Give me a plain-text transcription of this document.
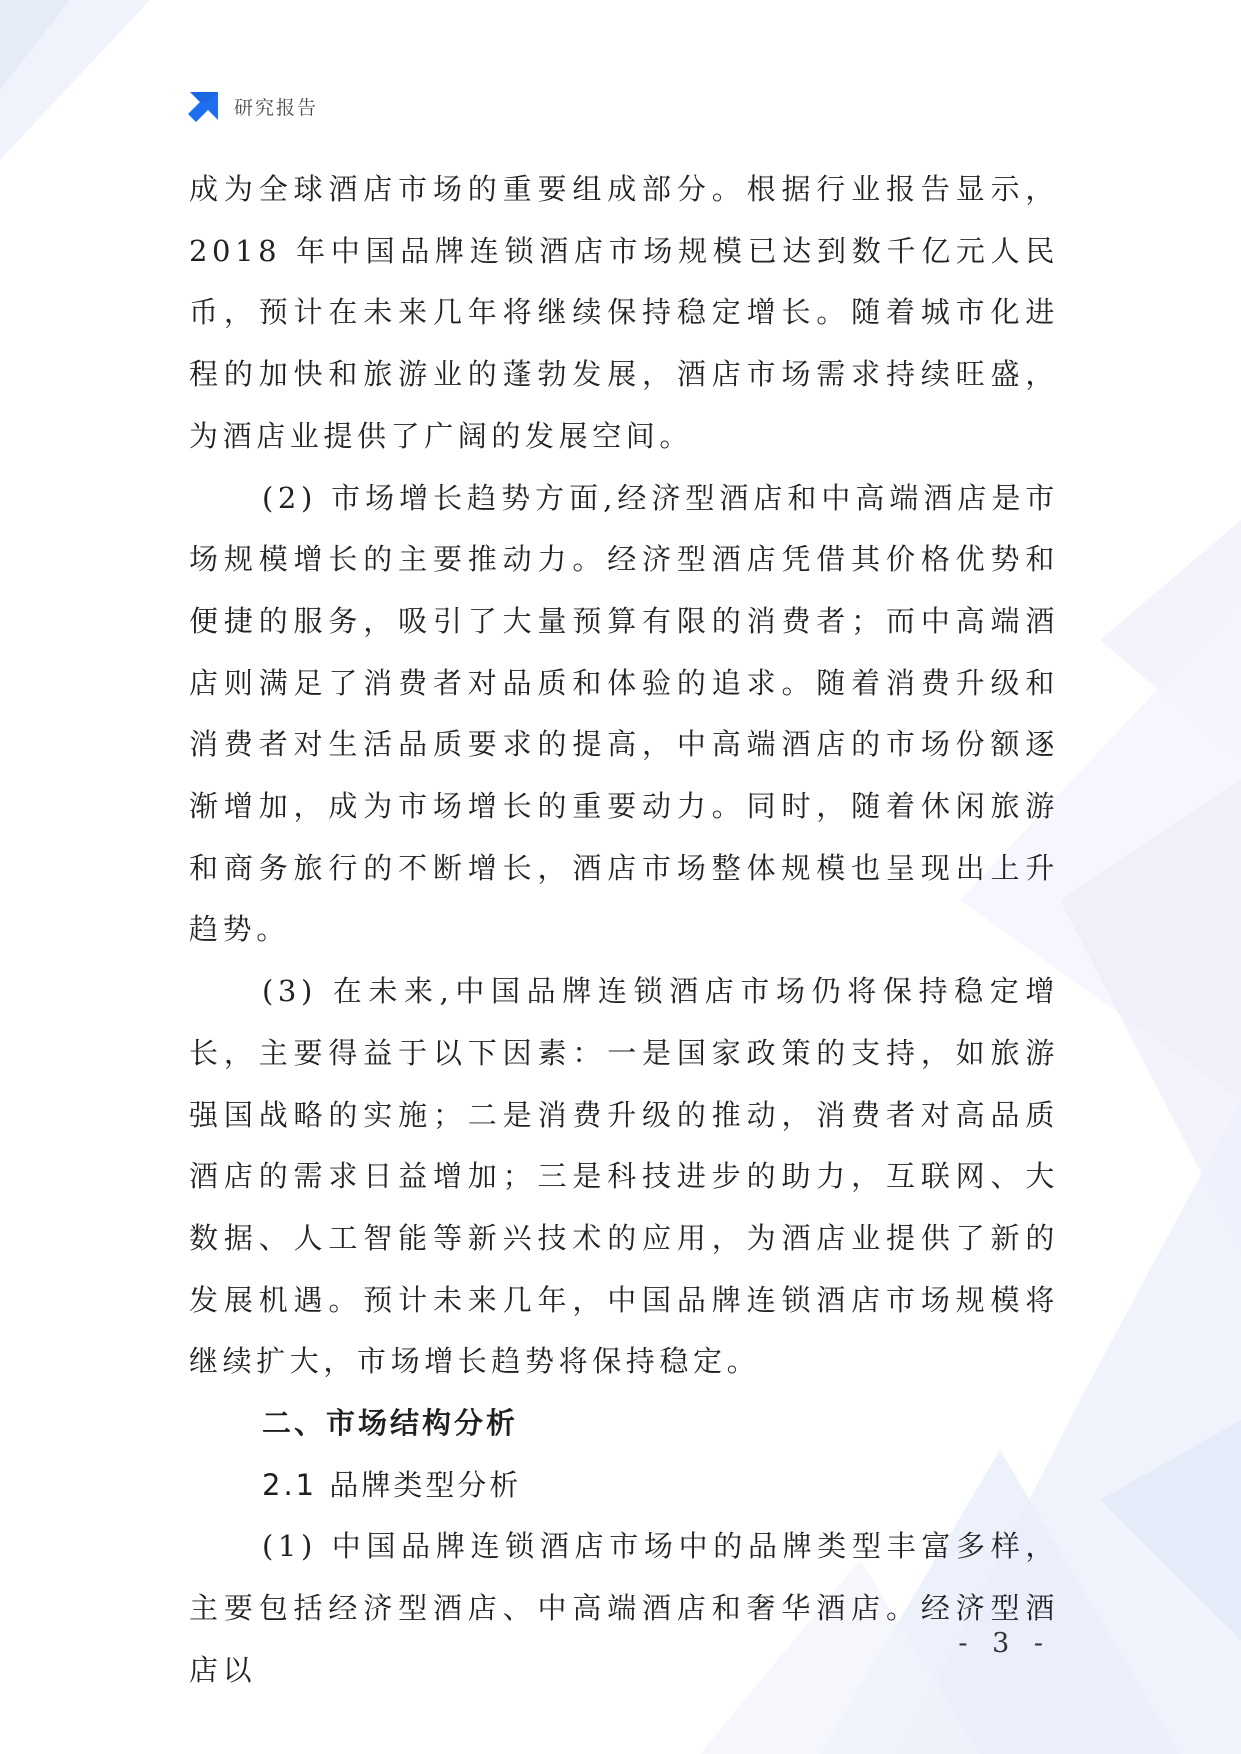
研究报告

成为全球酒店市场的重要组成部分。根据行业报告显示，2018 年中国品牌连锁酒店市场规模已达到数千亿元人民币，预计在未来几年将继续保持稳定增长。随着城市化进程的加快和旅游业的蓬勃发展，酒店市场需求持续旺盛，为酒店业提供了广阔的发展空间。

(2) 市场增长趋势方面,经济型酒店和中高端酒店是市场规模增长的主要推动力。经济型酒店凭借其价格优势和便捷的服务，吸引了大量预算有限的消费者；而中高端酒店则满足了消费者对品质和体验的追求。随着消费升级和消费者对生活品质要求的提高，中高端酒店的市场份额逐渐增加，成为市场增长的重要动力。同时，随着休闲旅游和商务旅行的不断增长，酒店市场整体规模也呈现出上升趋势。

(3) 在未来,中国品牌连锁酒店市场仍将保持稳定增长，主要得益于以下因素：一是国家政策的支持，如旅游强国战略的实施；二是消费升级的推动，消费者对高品质酒店的需求日益增加；三是科技进步的助力，互联网、大数据、人工智能等新兴技术的应用，为酒店业提供了新的发展机遇。预计未来几年，中国品牌连锁酒店市场规模将继续扩大，市场增长趋势将保持稳定。

二、市场结构分析

2.1 品牌类型分析

(1) 中国品牌连锁酒店市场中的品牌类型丰富多样，主要包括经济型酒店、中高端酒店和奢华酒店。经济型酒店以

- 3 -
